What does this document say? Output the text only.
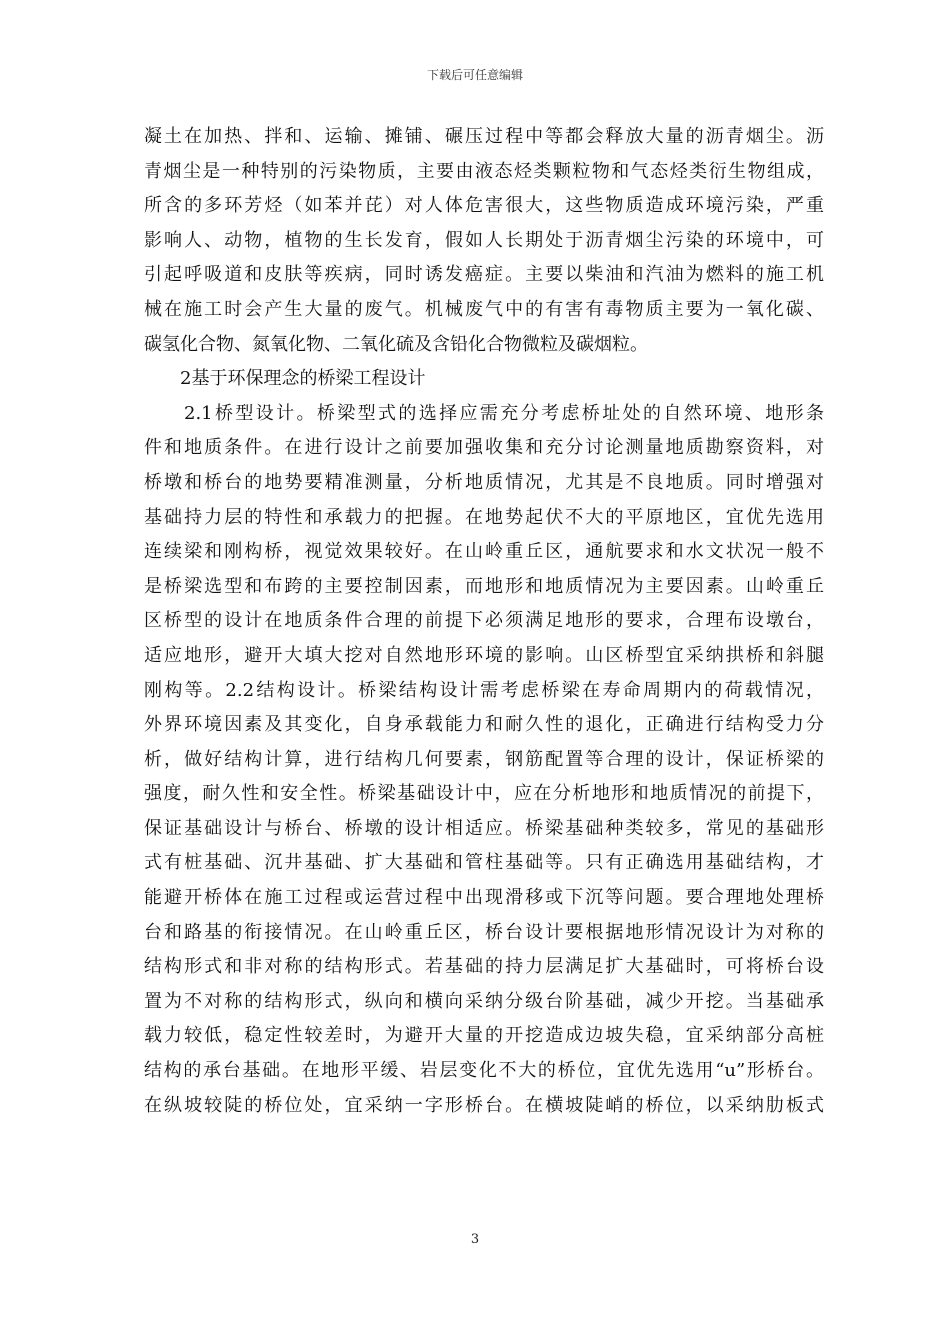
下载后可任意编辑
凝土在加热、拌和、运输、摊铺、碾压过程中等都会释放大量的沥青烟尘。沥
青烟尘是一种特别的污染物质，主要由液态烃类颗粒物和气态烃类衍生物组成，
所含的多环芳烃（如苯并芘）对人体危害很大，这些物质造成环境污染，严重
影响人、动物，植物的生长发育，假如人长期处于沥青烟尘污染的环境中，可
引起呼吸道和皮肤等疾病，同时诱发癌症。主要以柴油和汽油为燃料的施工机
械在施工时会产生大量的废气。机械废气中的有害有毒物质主要为一氧化碳、
碳氢化合物、氮氧化物、二氧化硫及含铅化合物微粒及碳烟粒。
2基于环保理念的桥梁工程设计
2.1桥型设计。桥梁型式的选择应需充分考虑桥址处的自然环境、地形条
件和地质条件。在进行设计之前要加强收集和充分讨论测量地质勘察资料，对
桥墩和桥台的地势要精准测量，分析地质情况，尤其是不良地质。同时增强对
基础持力层的特性和承载力的把握。在地势起伏不大的平原地区，宜优先选用
连续梁和刚构桥，视觉效果较好。在山岭重丘区，通航要求和水文状况一般不
是桥梁选型和布跨的主要控制因素，而地形和地质情况为主要因素。山岭重丘
区桥型的设计在地质条件合理的前提下必须满足地形的要求，合理布设墩台，
适应地形，避开大填大挖对自然地形环境的影响。山区桥型宜采纳拱桥和斜腿
刚构等。2.2结构设计。桥梁结构设计需考虑桥梁在寿命周期内的荷载情况，
外界环境因素及其变化，自身承载能力和耐久性的退化，正确进行结构受力分
析，做好结构计算，进行结构几何要素，钢筋配置等合理的设计，保证桥梁的
强度，耐久性和安全性。桥梁基础设计中，应在分析地形和地质情况的前提下，
保证基础设计与桥台、桥墩的设计相适应。桥梁基础种类较多，常见的基础形
式有桩基础、沉井基础、扩大基础和管柱基础等。只有正确选用基础结构，才
能避开桥体在施工过程或运营过程中出现滑移或下沉等问题。要合理地处理桥
台和路基的衔接情况。在山岭重丘区，桥台设计要根据地形情况设计为对称的
结构形式和非对称的结构形式。若基础的持力层满足扩大基础时，可将桥台设
置为不对称的结构形式，纵向和横向采纳分级台阶基础，减少开挖。当基础承
载力较低，稳定性较差时，为避开大量的开挖造成边坡失稳，宜采纳部分高桩
结构的承台基础。在地形平缓、岩层变化不大的桥位，宜优先选用“u”形桥台。
在纵坡较陡的桥位处，宜采纳一字形桥台。在横坡陡峭的桥位，以采纳肋板式
3
